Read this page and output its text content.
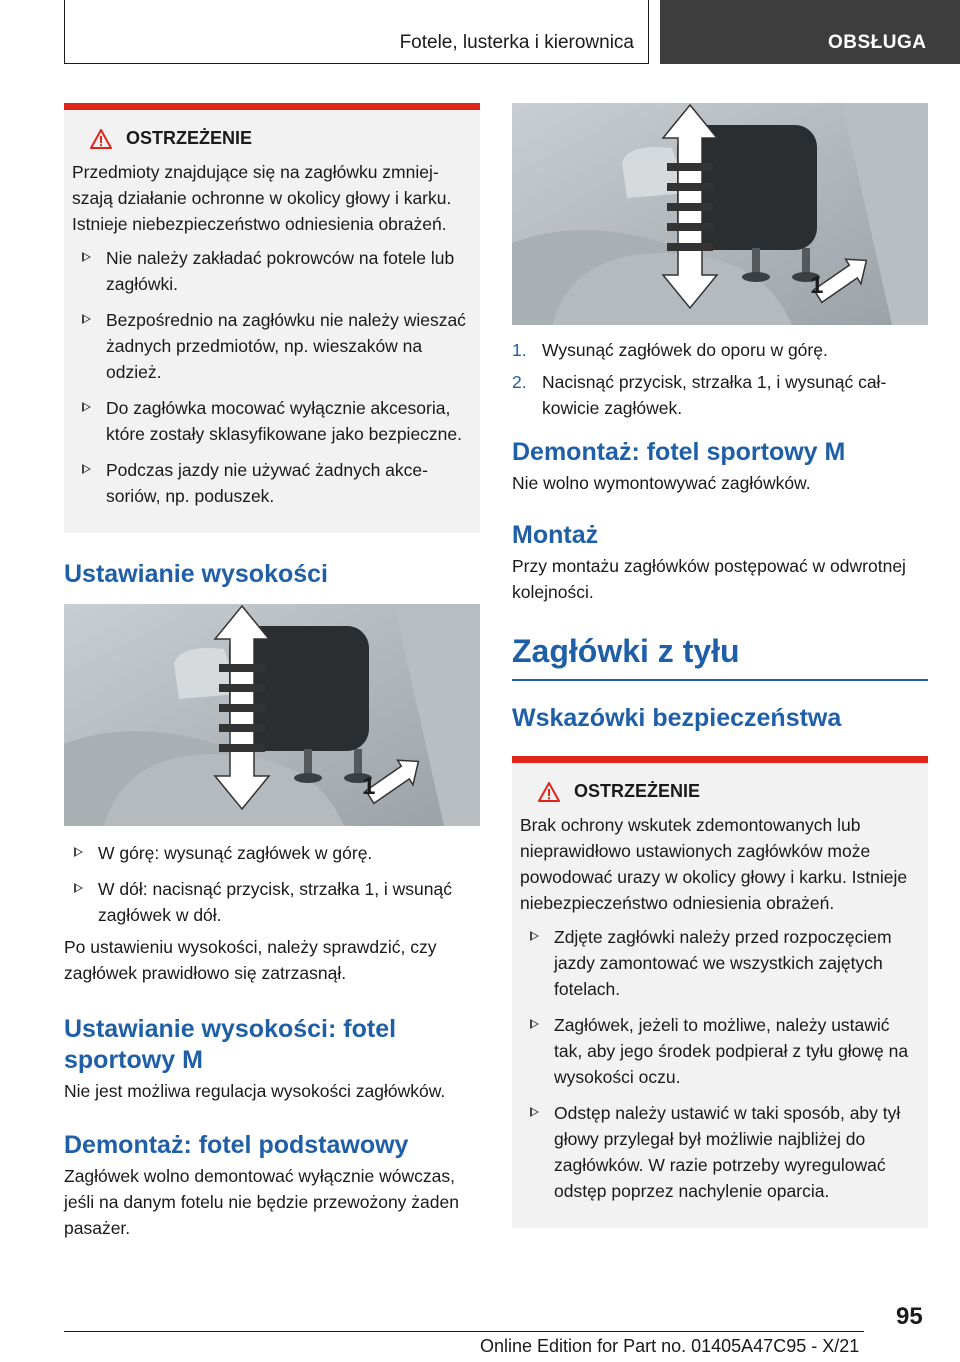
Fotele, lusterka i kierownica	OBSŁUGA
OSTRZEŻENIE

Przedmioty znajdujące się na zagłówku zmniejszają działanie ochronne w okolicy głowy i karku. Istnieje niebezpieczeństwo odniesienia obrażeń.

Nie należy zakładać pokrowców na fotele lub zagłówki.
Bezpośrednio na zagłówku nie należy wieszać żadnych przedmiotów, np. wieszaków na odzież.
Do zagłówka mocować wyłącznie akcesoria, które zostały sklasyfikowane jako bezpieczne.
Podczas jazdy nie używać żadnych akcesoriów, np. poduszek.
Ustawianie wysokości
1
W górę: wysunąć zagłówek w górę.
W dół: nacisnąć przycisk, strzałka 1, i wsunąć zagłówek w dół.

Po ustawieniu wysokości, należy sprawdzić, czy zagłówek prawidłowo się zatrzasnął.

Ustawianie wysokości: fotel sportowy M

Nie jest możliwa regulacja wysokości zagłówków.

Demontaż: fotel podstawowy

Zagłówek wolno demontować wyłącznie wówczas, jeśli na danym fotelu nie będzie przewożony żaden pasażer.

1
1. Wysunąć zagłówek do oporu w górę.
2. Nacisnąć przycisk, strzałka 1, i wysunąć całkowicie zagłówek.
Demontaż: fotel sportowy M

Nie wolno wymontowywać zagłówków.

Montaż

Przy montażu zagłówków postępować w odwrotnej kolejności.

Zagłówki z tyłu
Wskazówki bezpieczeństwa
OSTRZEŻENIE

Brak ochrony wskutek zdemontowanych lub nieprawidłowo ustawionych zagłówków może powodować urazy w okolicy głowy i karku. Istnieje niebezpieczeństwo odniesienia obrażeń.

Zdjęte zagłówki należy przed rozpoczęciem jazdy zamontować we wszystkich zajętych fotelach.
Zagłówek, jeżeli to możliwe, należy ustawić tak, aby jego środek podpierał z tyłu głowę na wysokości oczu.
Odstęp należy ustawić w taki sposób, aby tył głowy przylegał był możliwie najbliżej do zagłówków. W razie potrzeby wyregulować odstęp poprzez nachylenie oparcia.
95
Online Edition for Part no. 01405A47C95 - X/21
